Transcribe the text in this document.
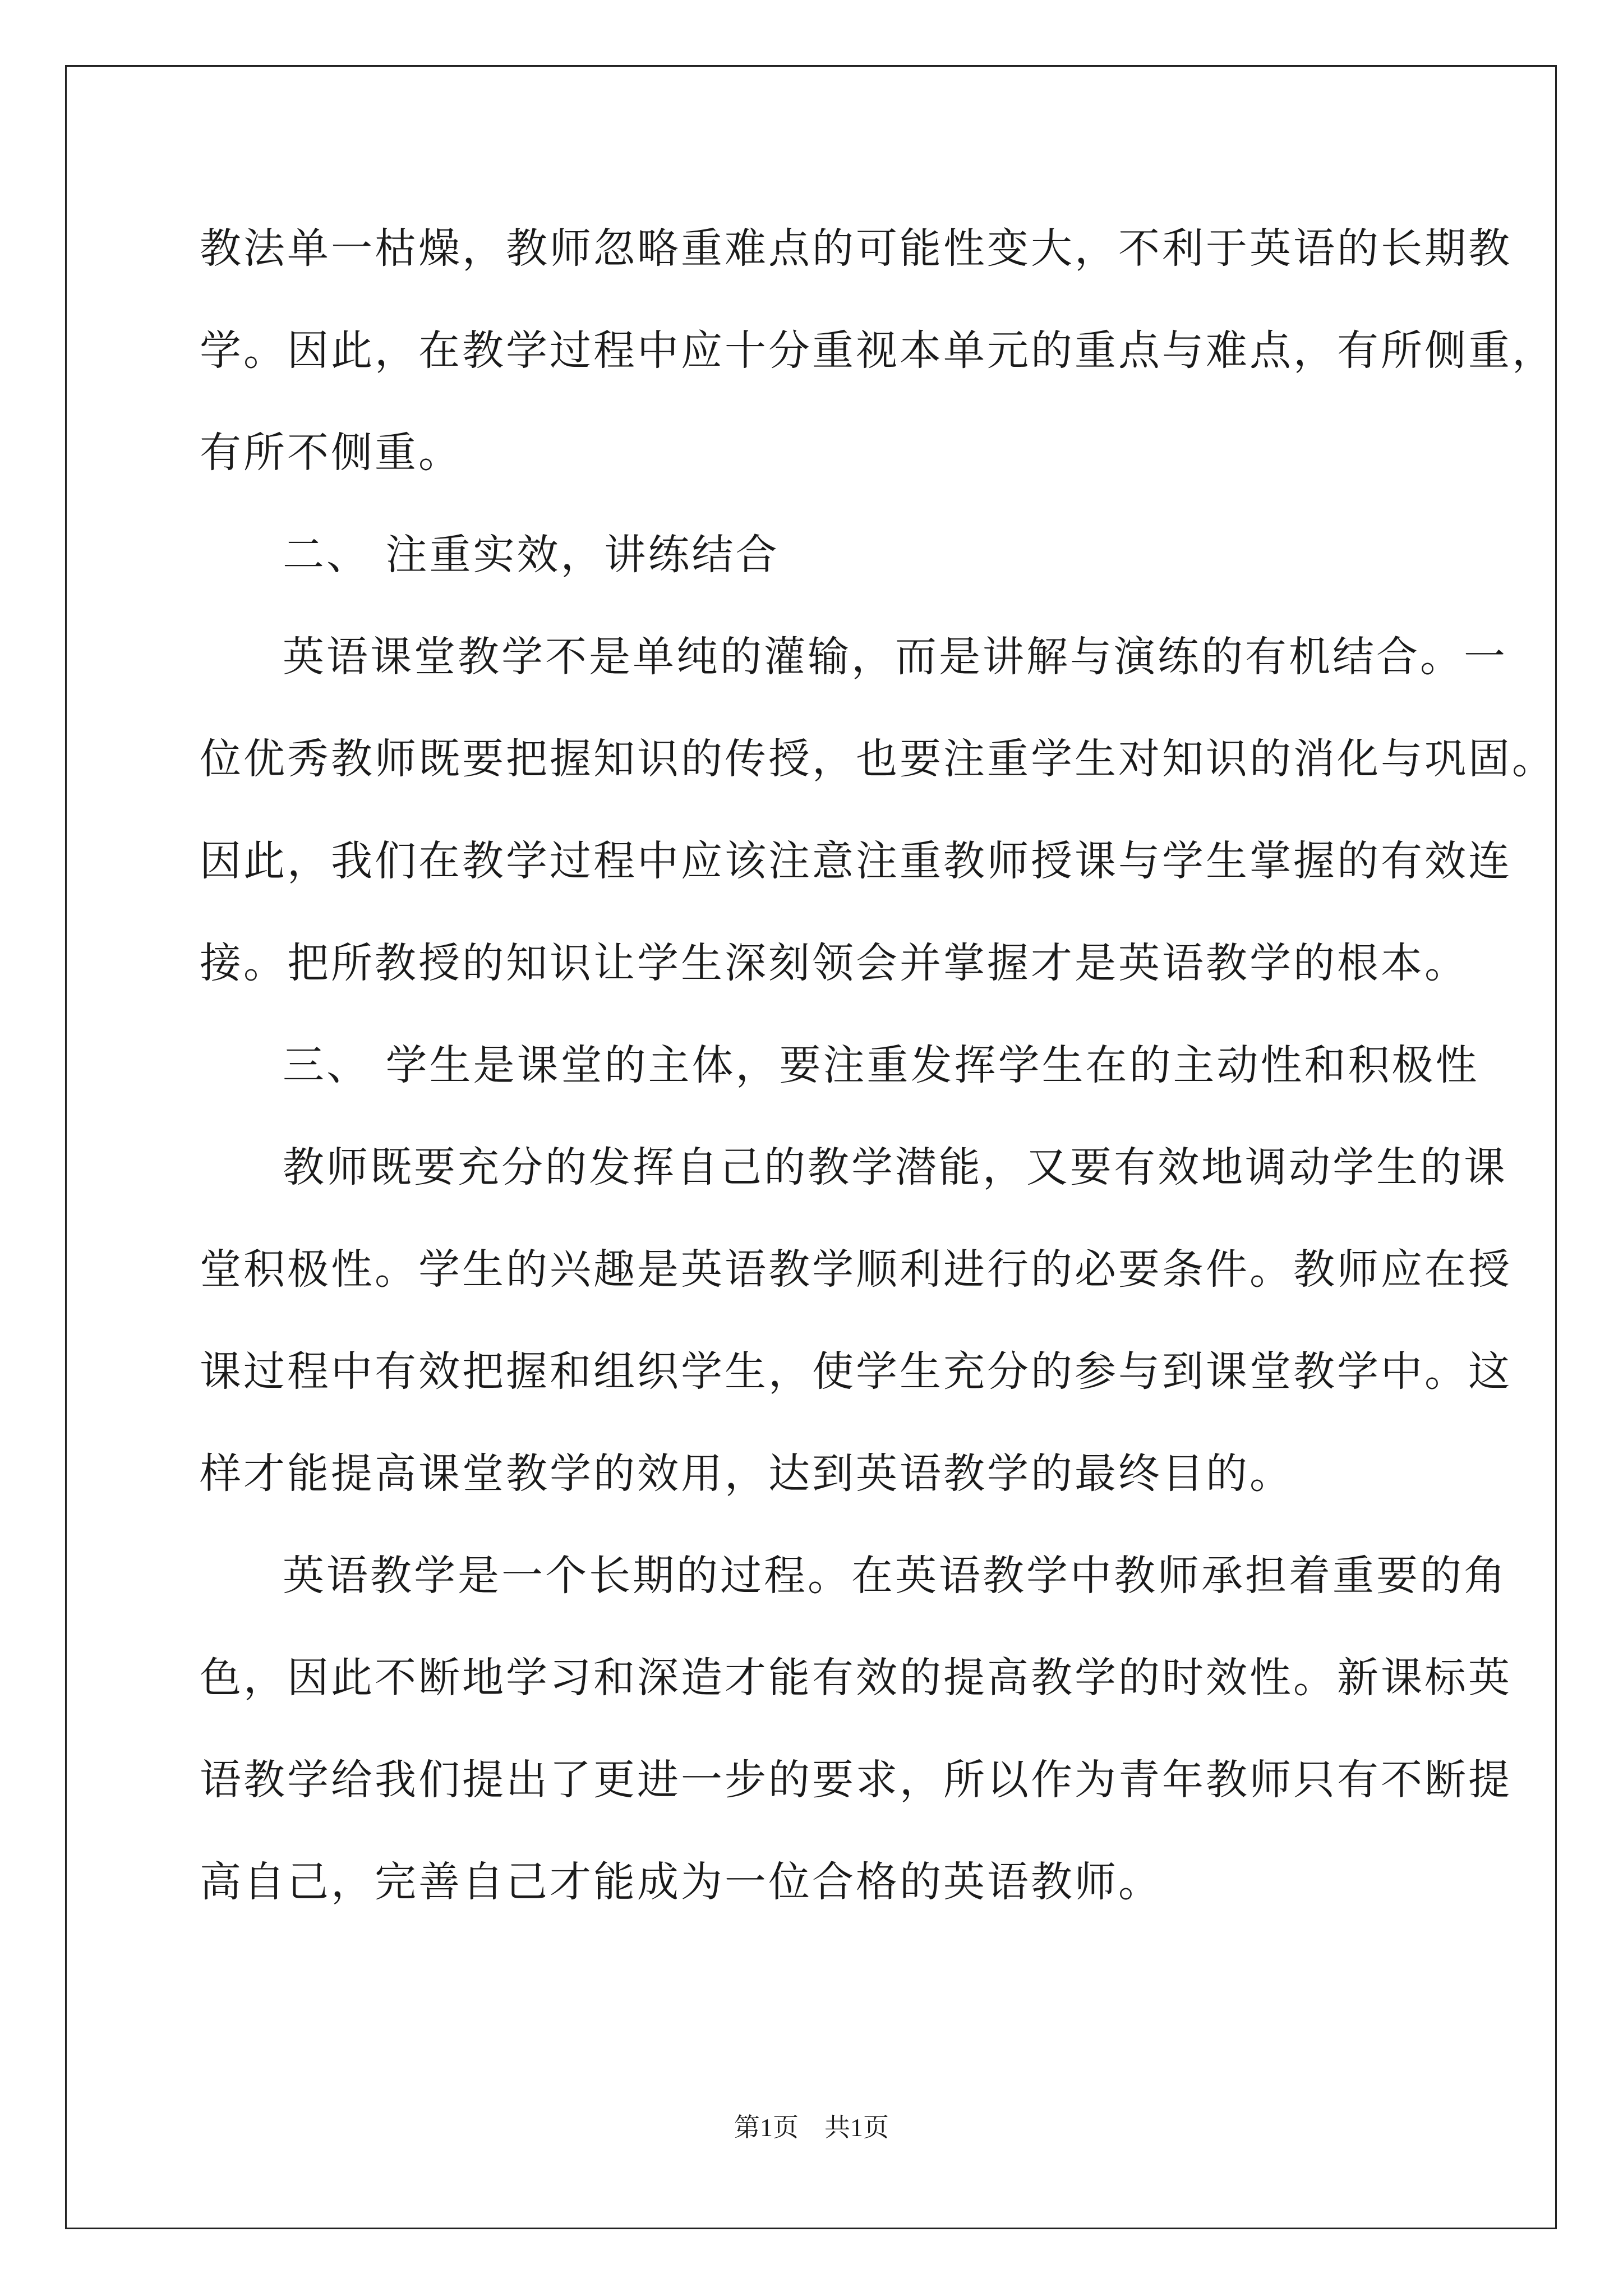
教法单一枯燥，教师忽略重难点的可能性变大，不利于英语的长期教
学。因此，在教学过程中应十分重视本单元的重点与难点，有所侧重，
有所不侧重。
二、 注重实效，讲练结合
英语课堂教学不是单纯的灌输，而是讲解与演练的有机结合。一
位优秀教师既要把握知识的传授，也要注重学生对知识的消化与巩固。
因此，我们在教学过程中应该注意注重教师授课与学生掌握的有效连
接。把所教授的知识让学生深刻领会并掌握才是英语教学的根本。
三、 学生是课堂的主体，要注重发挥学生在的主动性和积极性
教师既要充分的发挥自己的教学潜能，又要有效地调动学生的课
堂积极性。学生的兴趣是英语教学顺利进行的必要条件。教师应在授
课过程中有效把握和组织学生，使学生充分的参与到课堂教学中。这
样才能提高课堂教学的效用，达到英语教学的最终目的。
英语教学是一个长期的过程。在英语教学中教师承担着重要的角
色，因此不断地学习和深造才能有效的提高教学的时效性。新课标英
语教学给我们提出了更进一步的要求，所以作为青年教师只有不断提
高自己，完善自己才能成为一位合格的英语教师。
第1页 共1页
